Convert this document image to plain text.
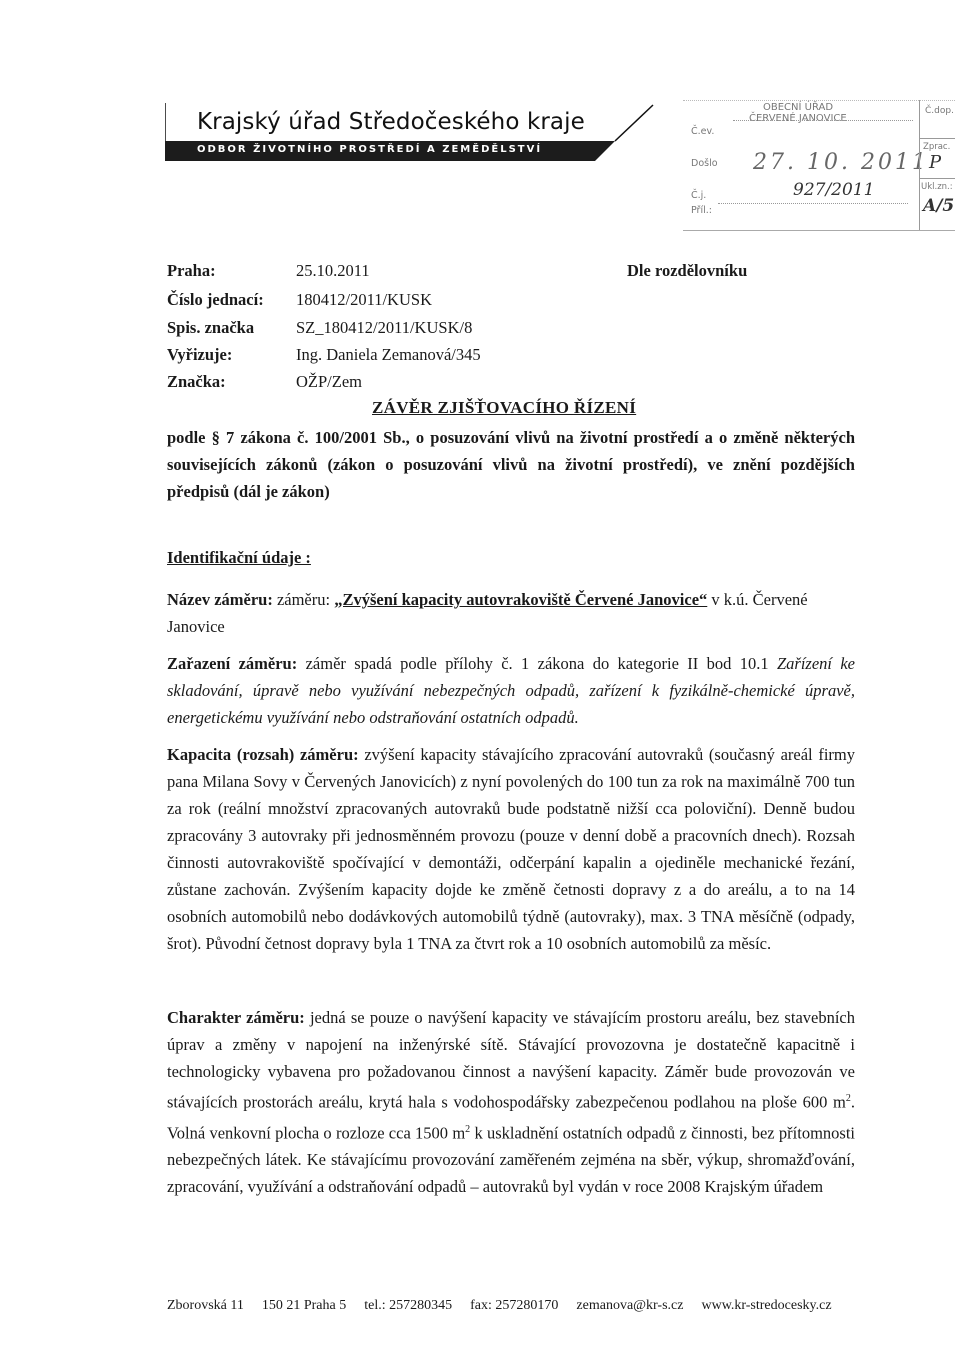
Krajský úřad Středočeského kraje
ODBOR ŽIVOTNÍHO PROSTŘEDÍ A ZEMĚDĚLSTVÍ
OBECNÍ ÚŘAD
ČERVENÉ JANOVICE
Č.ev.
Došlo 27. 10. 2011
Č.j.	927/2011
Příl.:
Č.dop.
Zprac.
P
Ukl.zn.:
A/5
Praha:	25.10.2011	Dle rozdělovníku
Číslo jednací: 180412/2011/KUSK
Spis. značka	SZ_180412/2011/KUSK/8
Vyřizuje:	Ing. Daniela Zemanová/345
Značka:	OŽP/Zem
ZÁVĚR ZJIŠŤOVACÍHO ŘÍZENÍ
podle § 7 zákona č. 100/2001 Sb., o posuzování vlivů na životní prostředí a o změně některých souvisejících zákonů (zákon o posuzování vlivů na životní prostředí), ve znění pozdějších předpisů (dál je zákon)
Identifikační údaje :
Název záměru: záměru: „Zvýšení kapacity autovrakoviště Červené Janovice“ v k.ú. Červené Janovice
Zařazení záměru: záměr spadá podle přílohy č. 1 zákona do kategorie II bod 10.1 Zařízení ke skladování, úpravě nebo využívání nebezpečných odpadů, zařízení k fyzikálně-chemické úpravě, energetickému využívání nebo odstraňování ostatních odpadů.
Kapacita (rozsah) záměru: zvýšení kapacity stávajícího zpracování autovraků (současný areál firmy pana Milana Sovy v Červených Janovicích) z nyní povolených do 100 tun za rok na maximálně 700 tun za rok (reální množství zpracovaných autovraků bude podstatně nižší cca poloviční). Denně budou zpracovány 3 autovraky při jednosměnném provozu (pouze v denní době a pracovních dnech). Rozsah činnosti autovrakoviště spočívající v demontáži, odčerpání kapalin a ojediněle mechanické řezání, zůstane zachován. Zvýšením kapacity dojde ke změně četnosti dopravy z a do areálu, a to na 14 osobních automobilů nebo dodávkových automobilů týdně (autovraky), max. 3 TNA měsíčně (odpady, šrot). Původní četnost dopravy byla 1 TNA za čtvrt rok a 10 osobních automobilů za měsíc.
Charakter záměru: jedná se pouze o navýšení kapacity ve stávajícím prostoru areálu, bez stavebních úprav a změny v napojení na inženýrské sítě. Stávající provozovna je dostatečně kapacitně i technologicky vybavena pro požadovanou činnost a navýšení kapacity. Záměr bude provozován ve stávajících prostorách areálu, krytá hala s vodohospodářsky zabezpečenou podlahou na ploše 600 $m^2$. Volná venkovní plocha o rozloze cca 1500 $m^2$ k uskladnění ostatních odpadů z činnosti, bez přítomnosti nebezpečných látek. Ke stávajícímu provozování zaměřeném zejména na sběr, výkup, shromažďování, zpracování, využívání a odstraňování odpadů – autovraků byl vydán v roce 2008 Krajským úřadem
Zborovská 11 150 21 Praha 5 tel.: 257280345 fax: 257280170 zemanova@kr-s.cz www.kr-stredocesky.cz
